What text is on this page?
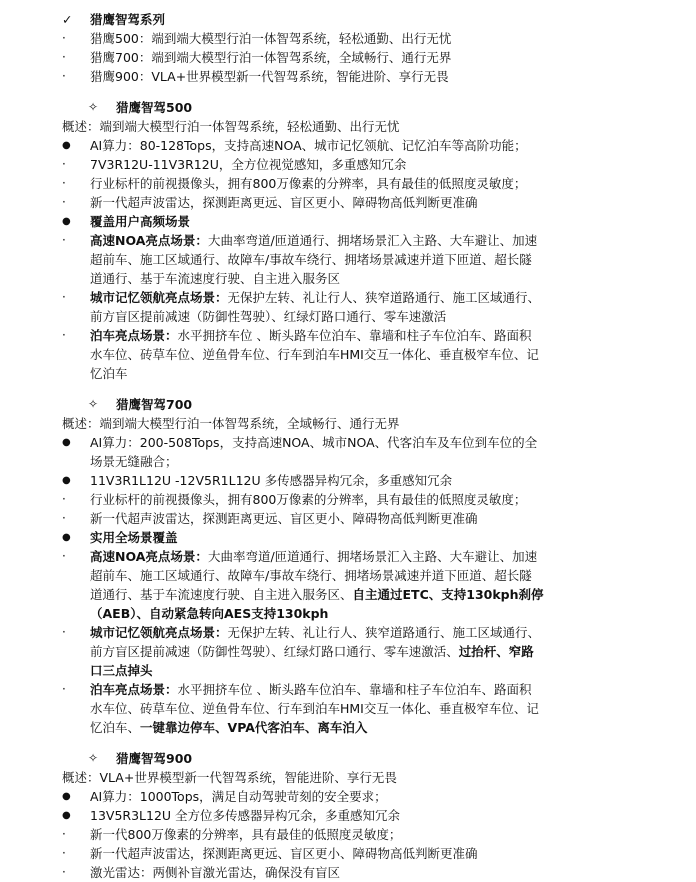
✓ 猎鹰智驾系列
· 猎鹰500：端到端大模型行泊一体智驾系统，轻松通勤、出行无忧
· 猎鹰700：端到端大模型行泊一体智驾系统，全域畅行、通行无界
· 猎鹰900：VLA+世界模型新一代智驾系统，智能进阶、享行无畏
✧ 猎鹰智驾500
概述：端到端大模型行泊一体智驾系统，轻松通勤、出行无忧
● AI算力：80-128Tops，支持高速NOA、城市记忆领航、记忆泊车等高阶功能；
· 7V3R12U-11V3R12U，全方位视觉感知，多重感知冗余
· 行业标杆的前视摄像头，拥有800万像素的分辨率，具有最佳的低照度灵敏度；
· 新一代超声波雷达，探测距离更远、盲区更小、障碍物高低判断更准确
● 覆盖用户高频场景
· 高速NOA亮点场景：大曲率弯道/匝道通行、拥堵场景汇入主路、大车避让、加速
超前车、施工区域通行、故障车/事故车绕行、拥堵场景减速并道下匝道、超长隧
道通行、基于车流速度行驶、自主进入服务区
· 城市记忆领航亮点场景：无保护左转、礼让行人、狭窄道路通行、施工区域通行、
前方盲区提前减速（防御性驾驶）、红绿灯路口通行、零车速激活
· 泊车亮点场景：水平拥挤车位 、断头路车位泊车、靠墙和柱子车位泊车、路面积
水车位、砖草车位、逆鱼骨车位、行车到泊车HMI交互一体化、垂直极窄车位、记
忆泊车
✧ 猎鹰智驾700
概述：端到端大模型行泊一体智驾系统，全域畅行、通行无界
● AI算力：200-508Tops，支持高速NOA、城市NOA、代客泊车及车位到车位的全
场景无缝融合；
● 11V3R1L12U -12V5R1L12U 多传感器异构冗余，多重感知冗余
· 行业标杆的前视摄像头，拥有800万像素的分辨率，具有最佳的低照度灵敏度；
· 新一代超声波雷达，探测距离更远、盲区更小、障碍物高低判断更准确
● 实用全场景覆盖
· 高速NOA亮点场景：大曲率弯道/匝道通行、拥堵场景汇入主路、大车避让、加速
超前车、施工区域通行、故障车/事故车绕行、拥堵场景减速并道下匝道、超长隧
道通行、基于车流速度行驶、自主进入服务区、自主通过ETC、支持130kph刹停
（AEB）、自动紧急转向AES支持130kph
· 城市记忆领航亮点场景：无保护左转、礼让行人、狭窄道路通行、施工区域通行、
前方盲区提前减速（防御性驾驶）、红绿灯路口通行、零车速激活、过抬杆、窄路
口三点掉头
· 泊车亮点场景：水平拥挤车位 、断头路车位泊车、靠墙和柱子车位泊车、路面积
水车位、砖草车位、逆鱼骨车位、行车到泊车HMI交互一体化、垂直极窄车位、记
忆泊车、一键靠边停车、VPA代客泊车、离车泊入
✧ 猎鹰智驾900
概述：VLA+世界模型新一代智驾系统，智能进阶、享行无畏
● AI算力：1000Tops，满足自动驾驶苛刻的安全要求；
● 13V5R3L12U 全方位多传感器异构冗余，多重感知冗余
· 新一代800万像素的分辨率，具有最佳的低照度灵敏度；
· 新一代超声波雷达，探测距离更远、盲区更小、障碍物高低判断更准确
· 激光雷达：两侧补盲激光雷达，确保没有盲区
